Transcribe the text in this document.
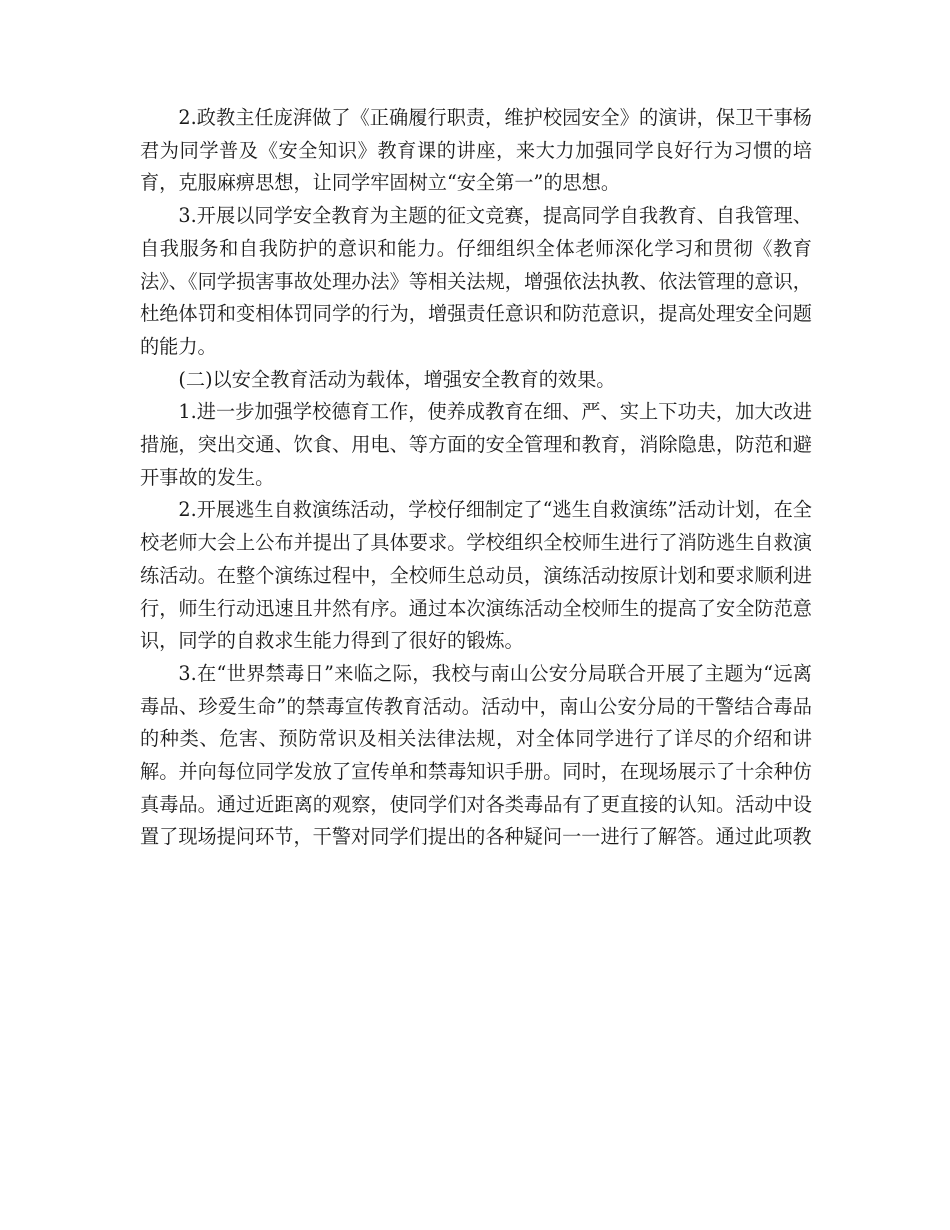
2.政教主任庞湃做了《正确履行职责，维护校园安全》的演讲，保卫干事杨君为同学普及《安全知识》教育课的讲座，来大力加强同学良好行为习惯的培育，克服麻痹思想，让同学牢固树立“安全第一”的思想。

3.开展以同学安全教育为主题的征文竞赛，提高同学自我教育、自我管理、自我服务和自我防护的意识和能力。仔细组织全体老师深化学习和贯彻《教育法》、《同学损害事故处理办法》等相关法规，增强依法执教、依法管理的意识，杜绝体罚和变相体罚同学的行为，增强责任意识和防范意识，提高处理安全问题的能力。

(二)以安全教育活动为载体，增强安全教育的效果。

1.进一步加强学校德育工作，使养成教育在细、严、实上下功夫，加大改进措施，突出交通、饮食、用电、等方面的安全管理和教育，消除隐患，防范和避开事故的发生。

2.开展逃生自救演练活动，学校仔细制定了“逃生自救演练”活动计划，在全校老师大会上公布并提出了具体要求。学校组织全校师生进行了消防逃生自救演练活动。在整个演练过程中，全校师生总动员，演练活动按原计划和要求顺利进行，师生行动迅速且井然有序。通过本次演练活动全校师生的提高了安全防范意识，同学的自救求生能力得到了很好的锻炼。

3.在“世界禁毒日”来临之际，我校与南山公安分局联合开展了主题为“远离毒品、珍爱生命”的禁毒宣传教育活动。活动中，南山公安分局的干警结合毒品的种类、危害、预防常识及相关法律法规，对全体同学进行了详尽的介绍和讲解。并向每位同学发放了宣传单和禁毒知识手册。同时，在现场展示了十余种仿真毒品。通过近距离的观察，使同学们对各类毒品有了更直接的认知。活动中设置了现场提问环节，干警对同学们提出的各种疑问一一进行了解答。通过此项教
